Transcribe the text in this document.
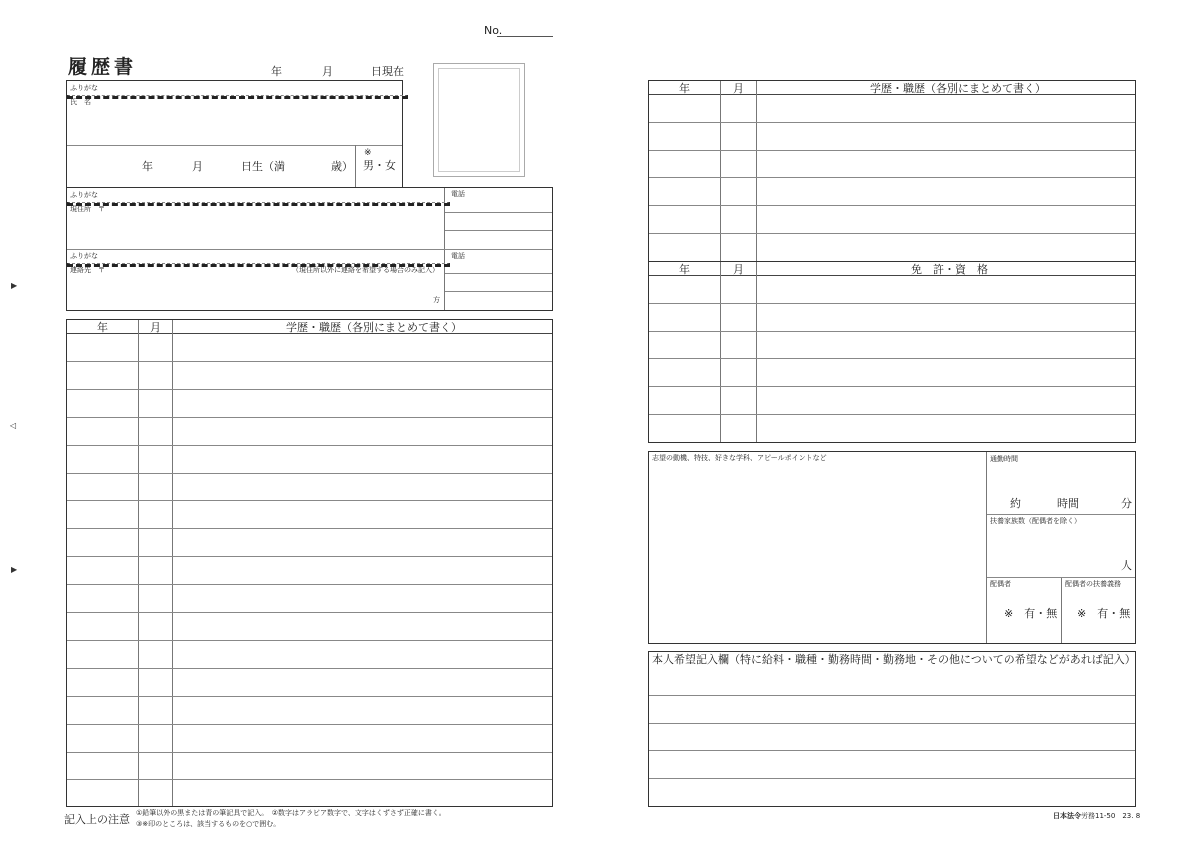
▶
◁
▶
No.
履歴書	年	月	日現在
ふりがな
氏　名
年	月	日生（満	歳）
※
男・女
ふりがな
現住所　〒
電話
ふりがな
連絡先　〒	（現住所以外に連絡を希望する場合のみ記入）
方
電話
年	月	学歴・職歴（各別にまとめて書く）
年	月	学歴・職歴（各別にまとめて書く）
年	月	免　許・資　格
志望の動機、特技、好きな学科、アピールポイントなど	通勤時間
約	時間	分
扶養家族数（配偶者を除く）
人
配偶者
※　有・無
配偶者の扶養義務
※　有・無
本人希望記入欄（特に給料・職種・勤務時間・勤務地・その他についての希望などがあれば記入）
記入上の注意 ①鉛筆以外の黒または青の筆記具で記入。　②数字はアラビア数字で、文字はくずさず正確に書く。
③※印のところは、該当するものを○で囲む。
日本法令 労務11-50　23. 8
